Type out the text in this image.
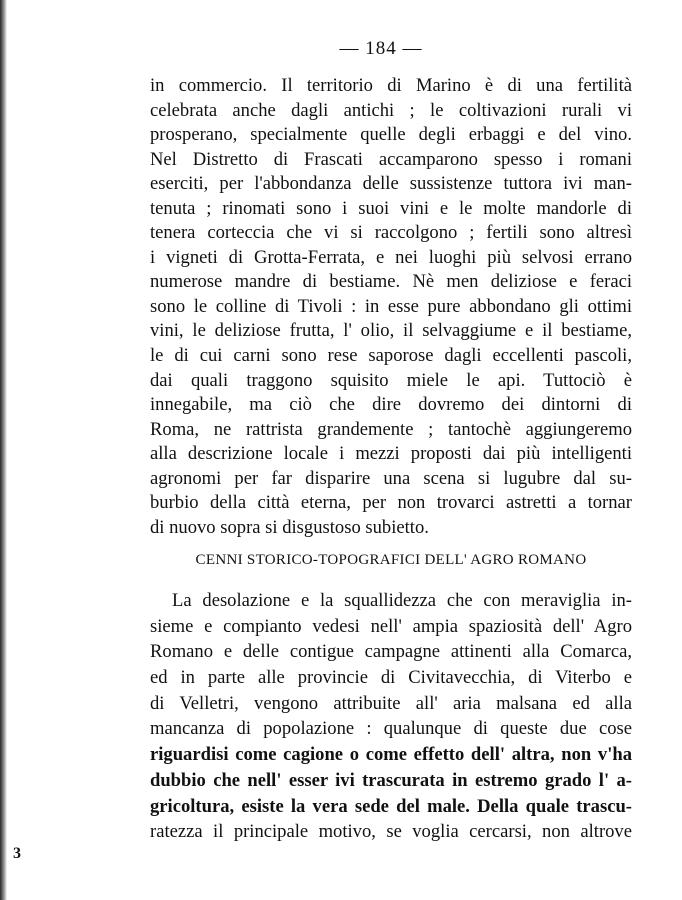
— 184 —
in commercio. Il territorio di Marino è di una fertilità
celebrata anche dagli antichi ; le coltivazioni rurali vi
prosperano, specialmente quelle degli erbaggi e del vino.
Nel Distretto di Frascati accamparono spesso i romani
eserciti, per l'abbondanza delle sussistenze tuttora ivi man-
tenuta ; rinomati sono i suoi vini e le molte mandorle di
tenera corteccia che vi si raccolgono ; fertili sono altresì
i vigneti di Grotta-Ferrata, e nei luoghi più selvosi errano
numerose mandre di bestiame. Nè men deliziose e feraci
sono le colline di Tivoli : in esse pure abbondano gli ottimi
vini, le deliziose frutta, l' olio, il selvaggiume e il bestiame,
le di cui carni sono rese saporose dagli eccellenti pascoli,
dai quali traggono squisito miele le api. Tuttociò è
innegabile, ma ciò che dire dovremo dei dintorni di
Roma, ne rattrista grandemente ; tantochè aggiungeremo
alla descrizione locale i mezzi proposti dai più intelligenti
agronomi per far disparire una scena si lugubre dal su-
burbio della città eterna, per non trovarci astretti a tornar
di nuovo sopra si disgustoso subietto.
CENNI STORICO-TOPOGRAFICI DELL' AGRO ROMANO
La desolazione e la squallidezza che con meraviglia in-
sieme e compianto vedesi nell' ampia spaziosità dell' Agro
Romano e delle contigue campagne attinenti alla Comarca,
ed in parte alle provincie di Civitavecchia, di Viterbo e
di Velletri, vengono attribuite all' aria malsana ed alla
mancanza di popolazione : qualunque di queste due cose
riguardisi come cagione o come effetto dell' altra, non v'ha
dubbio che nell' esser ivi trascurata in estremo grado l' a-
gricoltura, esiste la vera sede del male. Della quale trascu-
ratezza il principale motivo, se voglia cercarsi, non altrove
3
